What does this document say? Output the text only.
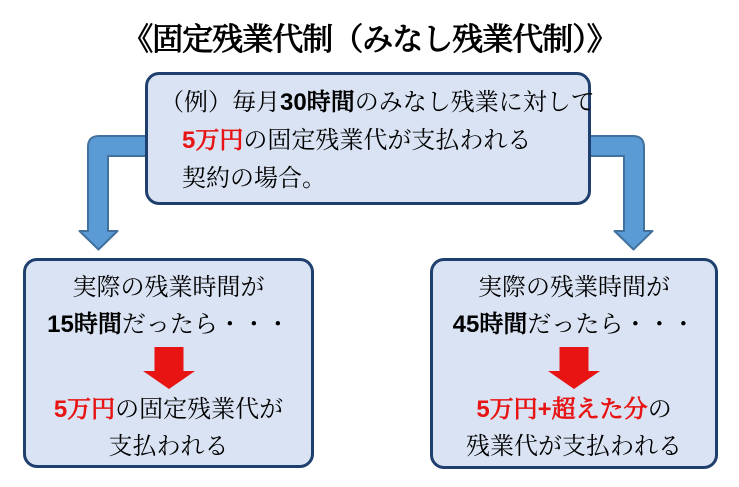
《固定残業代制（みなし残業代制）》

（例）毎月30時間のみなし残業に対して

5万円の固定残業代が支払われる

契約の場合。

実際の残業時間が
15時間だったら・・・

5万円の固定残業代が
支払われる

実際の残業時間が
45時間だったら・・・

5万円+超えた分の
残業代が支払われる
